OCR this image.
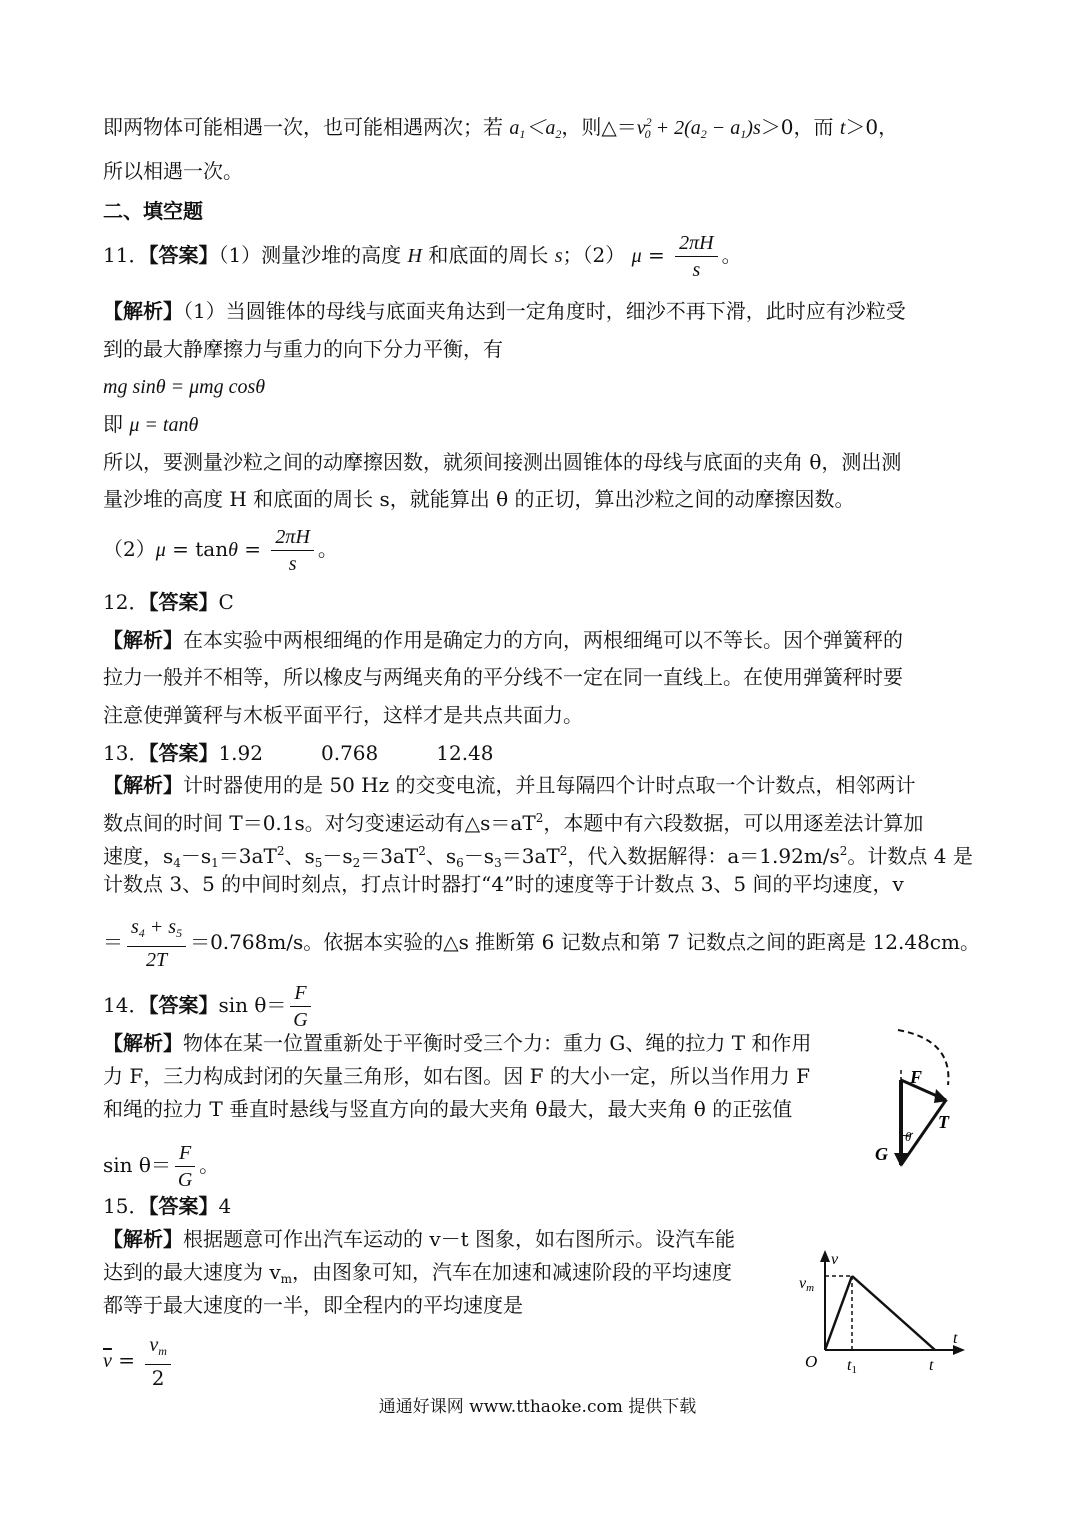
即两物体可能相遇一次，也可能相遇两次；若 $a_1<a_2$，则$\triangle=v^2_0 + 2(a_2 - a_1)s>0$，而 t＞0，
所以相遇一次。
二、填空题
11．【答案】（1）测量沙堆的高度 H 和底面的周长 s；（2） $\mu = \frac{2\pi H}{s}$ 。
【解析】（1）当圆锥体的母线与底面夹角达到一定角度时，细沙不再下滑，此时应有沙粒受
到的最大静摩擦力与重力的向下分力平衡，有
mg sinθ = μmg cosθ
即 μ = tanθ
所以，要测量沙粒之间的动摩擦因数，就须间接测出圆锥体的母线与底面的夹角 θ，测出测
量沙堆的高度 H 和底面的周长 s，就能算出 θ 的正切，算出沙粒之间的动摩擦因数。
$(2)\mu = \tan\theta = \frac{2\pi H}{s}$ 。
12．【答案】C
【解析】在本实验中两根细绳的作用是确定力的方向，两根细绳可以不等长。因个弹簧秤的
拉力一般并不相等，所以橡皮与两绳夹角的平分线不一定在同一直线上。在使用弹簧秤时要
注意使弹簧秤与木板平面平行，这样才是共点共面力。
13．【答案】1.92	0.768	12.48
【解析】计时器使用的是 50 Hz 的交变电流，并且每隔四个计时点取一个计数点，相邻两计
数点间的时间 T＝0.1s。对匀变速运动有$\triangle s=aT^2$，本题中有六段数据，可以用逐差法计算加
速度，$s_4-s_1=3aT^2$、$s_5-s_2=3aT^2$、$s_6-s_3=3aT^2$，代入数据解得：$a=1.92m/s^2$。计数点 4 是
计数点 3、5 的中间时刻点，打点计时器打“4”时的速度等于计数点 3、5 间的平均速度，v
＝ $\frac{s_4 + s_5}{2T} =0.768m/s$。依据本实验的△s 推断第 6 记数点和第 7 记数点之间的距离是 12.48cm。
14．【答案】$\sin \theta= \frac{F}{G}$
【解析】物体在某一位置重新处于平衡时受三个力：重力 G、绳的拉力 T 和作用
力 F，三力构成封闭的矢量三角形，如右图。因 F 的大小一定，所以当作用力 F
和绳的拉力 T 垂直时悬线与竖直方向的最大夹角 θ最大，最大夹角 θ 的正弦值
$\sin \theta= \frac{F}{G}$ 。
F
T
G
θ
15．【答案】4
【解析】根据题意可作出汽车运动的 v－t 图象，如右图所示。设汽车能
达到的最大速度为 $v_m$，由图象可知，汽车在加速和减速阶段的平均速度
都等于最大速度的一半，即全程内的平均速度是
$\overline{v} = \frac{v_m}{2}$
v
vm
O t1	t
t
通通好课网 www.tthaoke.com 提供下载
